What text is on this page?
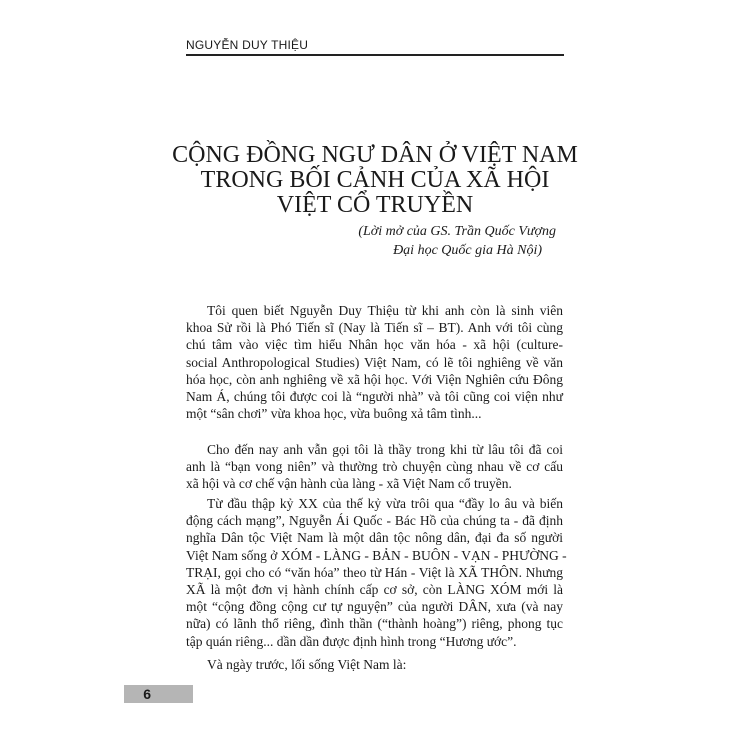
NGUYỄN DUY THIỆU
CỘNG ĐỒNG NGƯ DÂN Ở VIỆT NAM
TRONG BỐI CẢNH CỦA XÃ HỘI
VIỆT CỔ TRUYỀN
(Lời mở của GS. Trần Quốc Vượng
Đại học Quốc gia Hà Nội)
Tôi quen biết Nguyễn Duy Thiệu từ khi anh còn là sinh viên
khoa Sử rồi là Phó Tiến sĩ (Nay là Tiến sĩ – BT). Anh với tôi cùng
chú tâm vào việc tìm hiểu Nhân học văn hóa - xã hội (culture-
social Anthropological Studies) Việt Nam, có lẽ tôi nghiêng về văn
hóa học, còn anh nghiêng về xã hội học. Với Viện Nghiên cứu Đông
Nam Á, chúng tôi được coi là “người nhà” và tôi cũng coi viện như
một “sân chơi” vừa khoa học, vừa buông xả tâm tình...
Cho đến nay anh vẫn gọi tôi là thầy trong khi từ lâu tôi đã coi
anh là “bạn vong niên” và thường trò chuyện cùng nhau về cơ cấu
xã hội và cơ chế vận hành của làng - xã Việt Nam cổ truyền.
Từ đầu thập kỷ XX của thế kỷ vừa trôi qua “đầy lo âu và biến
động cách mạng”, Nguyễn Ái Quốc - Bác Hồ của chúng ta - đã định
nghĩa Dân tộc Việt Nam là một dân tộc nông dân, đại đa số người
Việt Nam sống ở XÓM - LÀNG - BẢN - BUÔN - VẠN - PHƯỜNG -
TRẠI, gọi cho có “văn hóa” theo từ Hán - Việt là XÃ THÔN. Nhưng
XÃ là một đơn vị hành chính cấp cơ sở, còn LÀNG XÓM mới là
một “cộng đồng cộng cư tự nguyện” của người DÂN, xưa (và nay
nữa) có lãnh thổ riêng, đình thần (“thành hoàng”) riêng, phong tục
tập quán riêng... dần dần được định hình trong “Hương ước”.
Và ngày trước, lối sống Việt Nam là:
6
